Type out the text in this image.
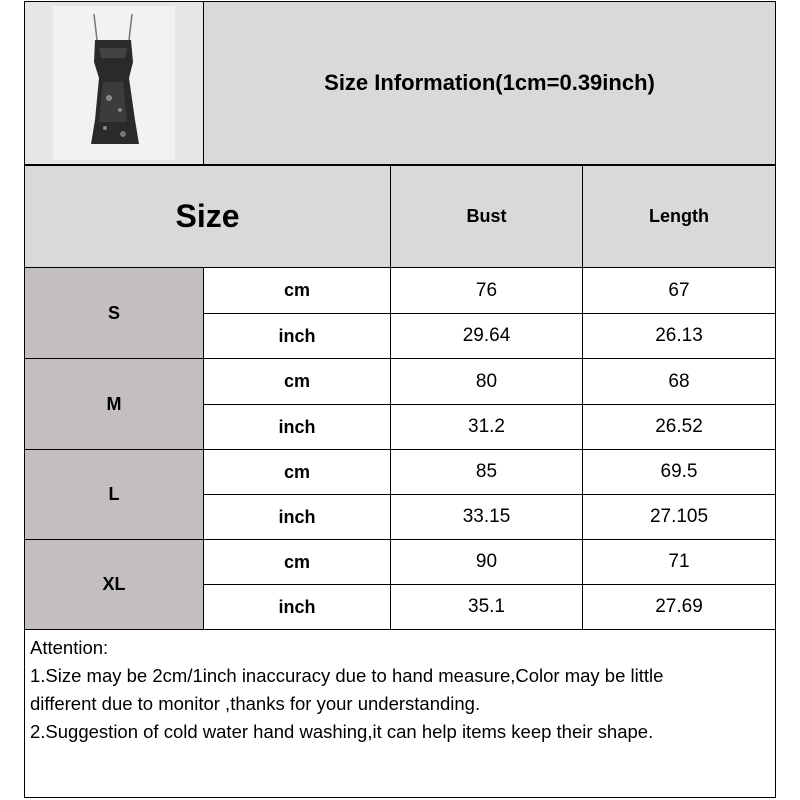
Size Information(1cm=0.39inch)
Size	Bust	Length
S
cm	76	67
inch	29.64	26.13
M
cm	80	68
inch	31.2	26.52
L
cm	85	69.5
inch	33.15	27.105
XL
cm	90	71
inch	35.1	27.69
Attention:
1.Size may be 2cm/1inch inaccuracy due to hand measure,Color may be little
different due to monitor ,thanks for your understanding.
2.Suggestion of cold water hand washing,it can help items keep their shape.
